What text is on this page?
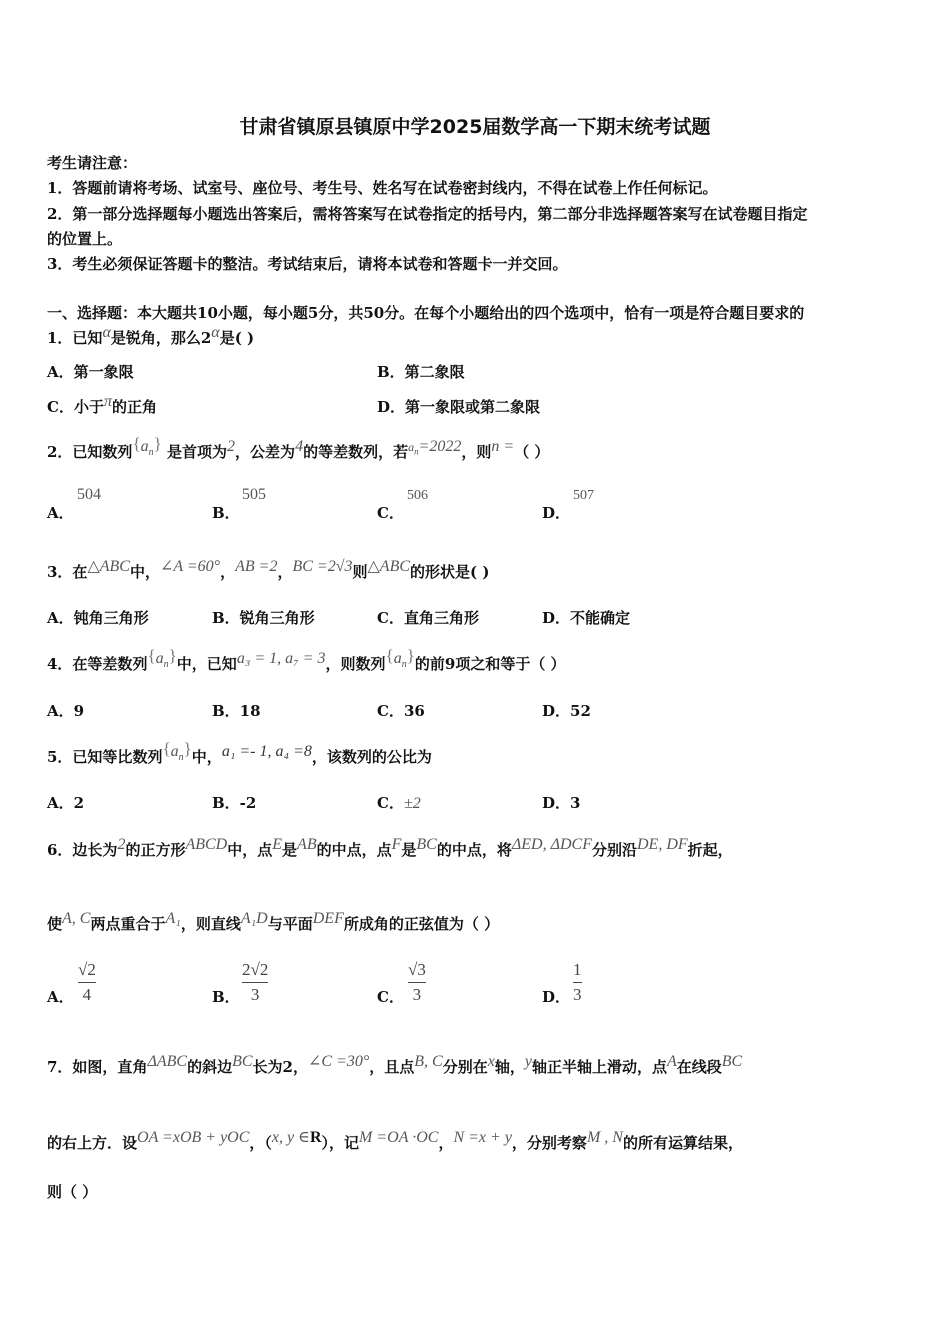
甘肃省镇原县镇原中学2025届数学高一下期末统考试题
考生请注意：
1．答题前请将考场、试室号、座位号、考生号、姓名写在试卷密封线内，不得在试卷上作任何标记。
2．第一部分选择题每小题选出答案后，需将答案写在试卷指定的括号内，第二部分非选择题答案写在试卷题目指定
的位置上。
3．考生必须保证答题卡的整洁。考试结束后，请将本试卷和答题卡一并交回。
一、选择题：本大题共10小题，每小题5分，共50分。在每个小题给出的四个选项中，恰有一项是符合题目要求的
1．已知α是锐角，那么2α是( )
A．第一象限	B．第二象限
C．小于π的正角	D．第一象限或第二象限
2．已知数列$\{a_n\}$ 是首项为2，公差为4的等差数列，若$^{a_n}$=2022，则n =（ ）
A．
504
B．
505
C．
506
D．
507
3．在△ABC中，∠A =60°，AB =2，BC =2√3则△ABC的形状是( )
A．钝角三角形	B．锐角三角形	C．直角三角形	D．不能确定
4．在等差数列$\{a_n\}$中，已知a₃ = 1, a₇ = 3，则数列$\{a_n\}$的前9项之和等于（ ）
A．9	B．18	C．36	D．52
5．已知等比数列$\{a_n\}$中，a₁ =- 1, a₄ =8，该数列的公比为
A．2	B．-2	C．±2	D．3
6．边长为2的正方形ABCD中，点E是AB的中点，点F是BC的中点，将ΔED, ΔDCF分别沿DE, DF折起，
使A, C两点重合于A₁，则直线A₁D与平面DEF所成角的正弦值为（ ）
A．
√2
4	B．
2√2
3	C．
√3
3	D．
1
3
7．如图，直角ΔABC的斜边BC长为2，∠C =30°，且点B, C分别在x轴，y轴正半轴上滑动，点A在线段BC
的右上方．设OA =xOB + yOC，（x, y ∈R），记M =OA ·OC，N =x + y，分别考察M , N的所有运算结果，
则（ ）
